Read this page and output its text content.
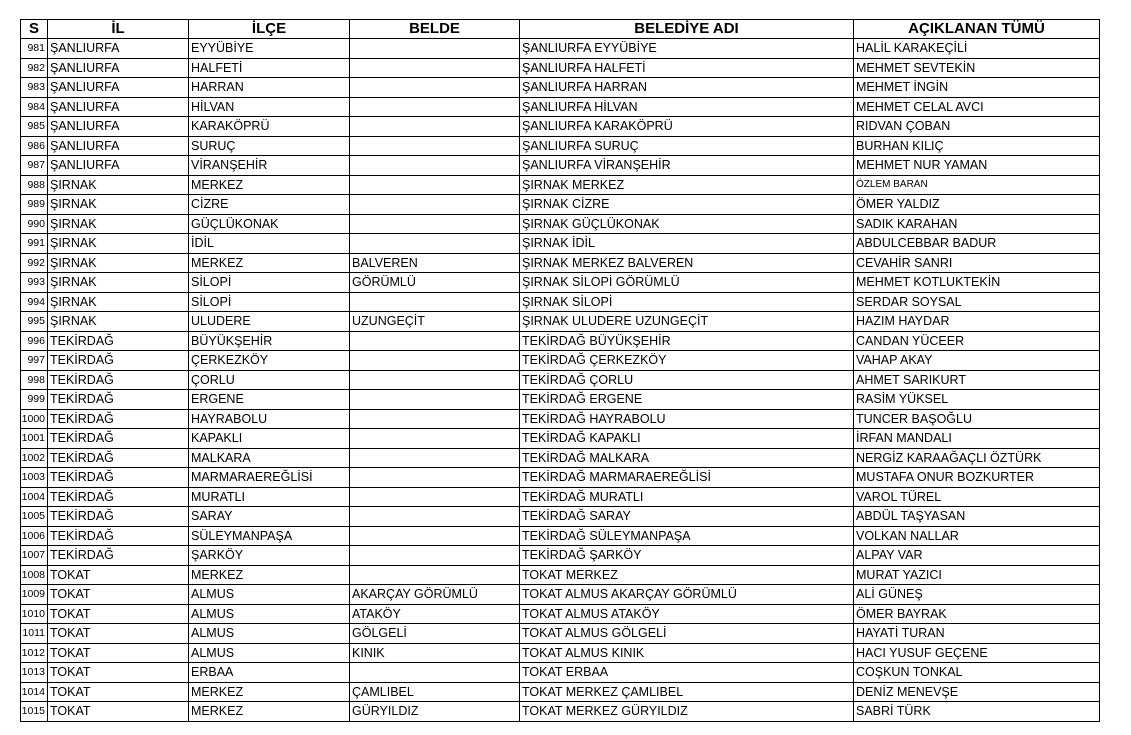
S	İL	İLÇE	BELDE	BELEDİYE ADI	AÇIKLANAN TÜMÜ
981	ŞANLIURFA	EYYÜBİYE		ŞANLIURFA EYYÜBİYE	HALİL KARAKEÇİLİ
982	ŞANLIURFA	HALFETİ		ŞANLIURFA HALFETİ	MEHMET SEVTEKİN
983	ŞANLIURFA	HARRAN		ŞANLIURFA HARRAN	MEHMET İNGİN
984	ŞANLIURFA	HİLVAN		ŞANLIURFA HİLVAN	MEHMET CELAL AVCI
985	ŞANLIURFA	KARAKÖPRÜ		ŞANLIURFA KARAKÖPRÜ	RIDVAN ÇOBAN
986	ŞANLIURFA	SURUÇ		ŞANLIURFA SURUÇ	BURHAN KILIÇ
987	ŞANLIURFA	VİRANŞEHİR		ŞANLIURFA VİRANŞEHİR	MEHMET NUR YAMAN
988	ŞIRNAK	MERKEZ		ŞIRNAK MERKEZ	ÖZLEM BARAN
989	ŞIRNAK	CİZRE		ŞIRNAK CİZRE	ÖMER YALDIZ
990	ŞIRNAK	GÜÇLÜKONAK		ŞIRNAK GÜÇLÜKONAK	SADIK KARAHAN
991	ŞIRNAK	İDİL		ŞIRNAK İDİL	ABDULCEBBAR BADUR
992	ŞIRNAK	MERKEZ	BALVEREN	ŞIRNAK MERKEZ BALVEREN	CEVAHİR SANRI
993	ŞIRNAK	SİLOPİ	GÖRÜMLÜ	ŞIRNAK SİLOPİ GÖRÜMLÜ	MEHMET KOTLUKTEKİN
994	ŞIRNAK	SİLOPİ		ŞIRNAK SİLOPİ	SERDAR SOYSAL
995	ŞIRNAK	ULUDERE	UZUNGEÇİT	ŞIRNAK ULUDERE UZUNGEÇİT	HAZIM HAYDAR
996	TEKİRDAĞ	BÜYÜKŞEHİR		TEKİRDAĞ BÜYÜKŞEHİR	CANDAN YÜCEER
997	TEKİRDAĞ	ÇERKEZKÖY		TEKİRDAĞ ÇERKEZKÖY	VAHAP AKAY
998	TEKİRDAĞ	ÇORLU		TEKİRDAĞ ÇORLU	AHMET SARIKURT
999	TEKİRDAĞ	ERGENE		TEKİRDAĞ ERGENE	RASİM YÜKSEL
1000	TEKİRDAĞ	HAYRABOLU		TEKİRDAĞ HAYRABOLU	TUNCER BAŞOĞLU
1001	TEKİRDAĞ	KAPAKLI		TEKİRDAĞ KAPAKLI	İRFAN MANDALI
1002	TEKİRDAĞ	MALKARA		TEKİRDAĞ MALKARA	NERGİZ KARAAĞAÇLI ÖZTÜRK
1003	TEKİRDAĞ	MARMARAEREĞLİSİ		TEKİRDAĞ MARMARAEREĞLİSİ	MUSTAFA ONUR BOZKURTER
1004	TEKİRDAĞ	MURATLI		TEKİRDAĞ MURATLI	VAROL TÜREL
1005	TEKİRDAĞ	SARAY		TEKİRDAĞ SARAY	ABDÜL TAŞYASAN
1006	TEKİRDAĞ	SÜLEYMANPAŞA		TEKİRDAĞ SÜLEYMANPAŞA	VOLKAN NALLAR
1007	TEKİRDAĞ	ŞARKÖY		TEKİRDAĞ ŞARKÖY	ALPAY VAR
1008	TOKAT	MERKEZ		TOKAT MERKEZ	MURAT YAZICI
1009	TOKAT	ALMUS	AKARÇAY GÖRÜMLÜ	TOKAT ALMUS AKARÇAY GÖRÜMLÜ	ALİ GÜNEŞ
1010	TOKAT	ALMUS	ATAKÖY	TOKAT ALMUS ATAKÖY	ÖMER BAYRAK
1011	TOKAT	ALMUS	GÖLGELİ	TOKAT ALMUS GÖLGELİ	HAYATİ TURAN
1012	TOKAT	ALMUS	KINIK	TOKAT ALMUS KINIK	HACI YUSUF GEÇENE
1013	TOKAT	ERBAA		TOKAT ERBAA	COŞKUN TONKAL
1014	TOKAT	MERKEZ	ÇAMLIBEL	TOKAT MERKEZ ÇAMLIBEL	DENİZ MENEVŞE
1015	TOKAT	MERKEZ	GÜRYILDIZ	TOKAT MERKEZ GÜRYILDIZ	SABRİ TÜRK
